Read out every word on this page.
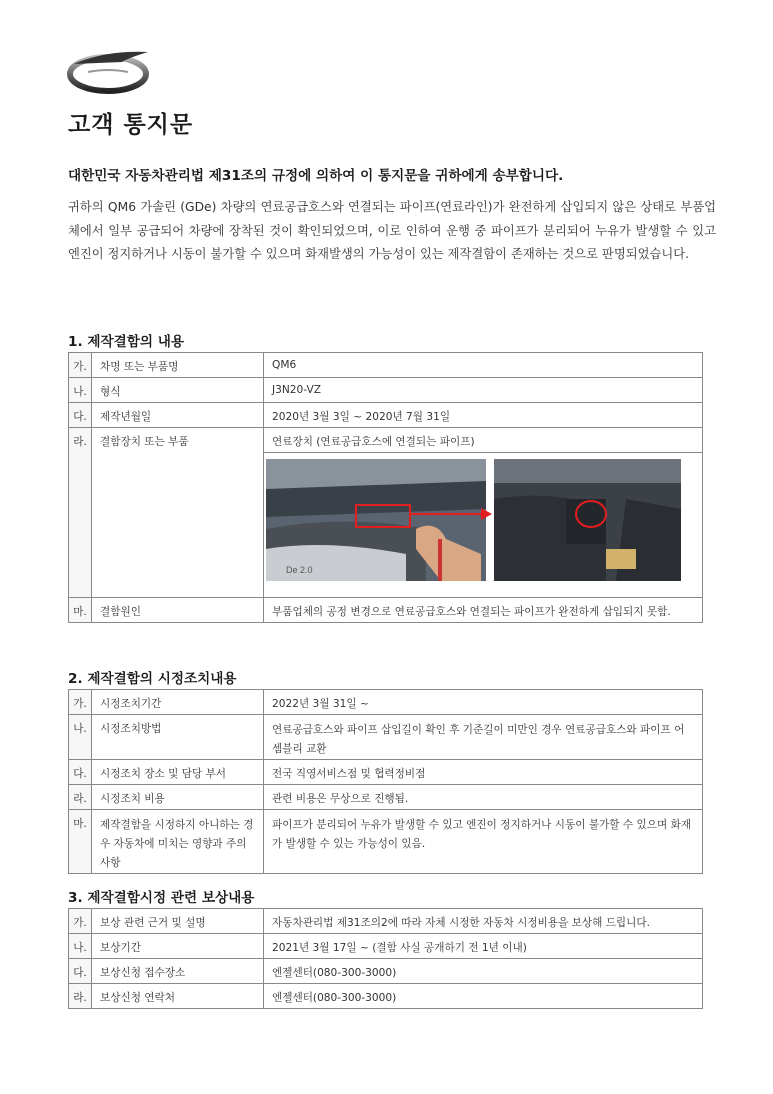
고객 통지문
대한민국 자동차관리법 제31조의 규정에 의하여 이 통지문을 귀하에게 송부합니다.
귀하의 QM6 가솔린 (GDe) 차량의 연료공급호스와 연결되는 파이프(연료라인)가 완전하게 삽입되지 않은 상태로 부품업체에서 일부 공급되어 차량에 장착된 것이 확인되었으며, 이로 인하여 운행 중 파이프가 분리되어 누유가 발생할 수 있고 엔진이 정지하거나 시동이 불가할 수 있으며 화재발생의 가능성이 있는 제작결함이 존재하는 것으로 판명되었습니다.
1. 제작결함의 내용
가.	차명 또는 부품명	QM6
나.	형식	J3N20-VZ
다.	제작년월일	2020년 3월 3일 ~ 2020년 7월 31일
라.	결함장치 또는 부품	연료장치 (연료공급호스에 연결되는 파이프)

De 2.0

마.	결함원인	부품업체의 공정 변경으로 연료공급호스와 연결되는 파이프가 완전하게 삽입되지 못함.
2. 제작결함의 시정조치내용
가.	시정조치기간	2022년 3월 31일 ~
나.	시정조치방법	연료공급호스와 파이프 삽입길이 확인 후 기준길이 미만인 경우 연료공급호스와 파이프 어셈블리 교환
다.	시정조치 장소 및 담당 부서	전국 직영서비스점 및 협력정비점
라.	시정조치 비용	관련 비용은 무상으로 진행됨.
마.	제작결함을 시정하지 아니하는 경우 자동차에 미치는 영향과 주의사항	파이프가 분리되어 누유가 발생할 수 있고 엔진이 정지하거나 시동이 불가할 수 있으며 화재가 발생할 수 있는 가능성이 있음.
3. 제작결함시정 관련 보상내용
가.	보상 관련 근거 및 설명	자동차관리법 제31조의2에 따라 자체 시정한 자동차 시정비용을 보상해 드립니다.
나.	보상기간	2021년 3월 17일 ~ (결함 사실 공개하기 전 1년 이내)
다.	보상신청 접수장소	엔젤센터(080-300-3000)
라.	보상신청 연락처	엔젤센터(080-300-3000)
